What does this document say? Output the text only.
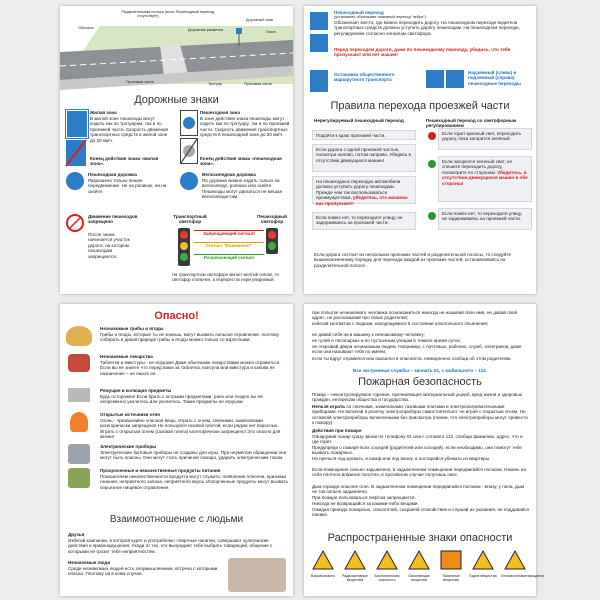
Разделительная полоса (если отсутствует)
Пешеходный переход
Дорожный знак
Обочина	Дорожная разметка	Газон
Проезжая часть	Тротуар	Проезжая часть
Дорожные знаки
Жилая зона
В жилой зоне пешеходы могут ходить как по тротуарам, так и по проезжей части. Скорость движения транспортных средств в жилой зоне до 20 км/ч.
Конец действия знака «жилая зона».
Пешеходная зона
В зоне действия знака пешеходы могут ходить как по тротуару, так и по проезжей части. Скорость движения транспортных средств в пешеходной зоне до 20 км/ч.
Конец действия знака «пешеходная зона».
Пешеходная дорожка
Разрешено только пешее передвижение. Не на роликах, ни на скейте.
Велосипедная дорожка
По дорожке можно ездить только на велосипеде, роликах или скейте. Пешеходы могут двигаться не мешая велосипедистам.
Движение пешеходов запрещено
После знака начинается участок дороги, на котором пешеходам запрещается.
Транспортный светофор
Пешеходный светофор
Запрещающий сигнал!
Сигнал "Внимание!"
Разрешающий сигнал
На транспортном светофоре мигает желтый сигнал, то светофор отключен, а перекресток нерегулируемый.
Пешеходный переход
(установлен обозначает наземный переход "зебра")
Обозначает место, где можно переходить дорогу. На пешеходном переходе водители транспортных средств должны уступить дорогу пешеходам. На пешеходном переходе, регулируемом согласно сигналам светофора.
Перед переходом дороги, даже по пешеходному переходу, убедись, что тебя пропускают или нет машин!
Остановка общественного маршрутного транспорта
Надземный (слева) и подземный (справа) пешеходные переходы
Правила перехода проезжей части
Нерегулируемый пешеходный переход	Пешеходный переход со светофорным регулированием
Подойти к краю проезжей части.
Если дорога с одной проезжей частью, посмотри налево, потом направо. Убедись в отсутствии движущихся машин!
На пешеходных переходах автомобили должны уступить дорогу пешеходам. Прежде чем так воспользоваться преимуществом, убедитесь, что машины вас пропускают!
Если помех нет, то переходите улицу, не задерживаясь на проезжей части.
Если горит красный свет, переходить дорогу, пока загорится зелёный.
Если загорелся зеленый свет, не спешите переходить дорогу, посмотрите по сторонам. Убедитесь, в отсутствии движущихся машин в обе стороны!
Если помех нет, то переходите улицу, не задерживаясь на проезжей части.
Если дорога состоит из нескольких проезжих частей и разделительной полосы, то следуйте вышеизначенному порядку для перехода каждой из проезжих частей, останавливаясь на разделительной полосе.
Опасно!
Незнакомые грибы и ягоды
Грибы и ягоды, которые ты не знаешь, могут вызвать сильное отравление, поэтому собирать в дикой природе грибы и ягоды можно только со взрослыми.
Незнакомые лекарства
Таблетки и микстуры - не игрушки! Даже обычными лекарствами можно отравиться. Если вы не знаете что перед вами за таблетка, капсула или микстура и какова ее назначение – не ешьте ее.
Режущие и колющие предметы
Будь осторожен! Если брать с острыми предметами, рано или поздно вы ей непременно уколетесь или уколитесь. Такие предметы не игрушки.
Открытые источники огня
Огонь - чрезвычайно опасная вещь. Играть с огнем, спичками, зажигалками категорически запрещено! Не пользуйся газовой плитой, если рядом нет взрослых. Играть с открытым огнем (газовая плита) категорически запрещено! Это опасно для жизни!
Электрические приборы
Электрические бытовые приборы не созданы для игры. При неумелом обращении они могут быть опасны. Они могут стать причиной пожара, ударить электрическим током.
Просроченные и некачественные продукты питания
Показателем некачественности продукта могут служить: появление плесени, признаки гниения, неприятного запаха, неприятного вкуса. Испорченные продукты могут вызвать серьезное пищевое отравление.
Взаимоотношение с людьми
Друзья
Избегай компании, в которой курят и употребляют спиртные напитки, совершают хулиганские действия и правонарушения. Уходи от тех, кто вынуждает тебя выбрать товарищей, общение с которыми не грозит тебе неприятностям.
Незнакомые люди
Среди незнакомых людей есть злоумышленники, встреча с которыми опасна. Поэтому ни в коем случае:
при попытке незнакомого человека познакомиться никогда не называй свое имя, не давай свой адрес, не рассказывай про своих родителей;
избегай контактов с людьми, находящимися в состоянии алкогольного опьянения;
не давай себя ни в машину к незнакомому человеку;
не гуляй в лесопарках и по пустынным улицам в темное время суток;
не открывай двери незнакомым людям. Например, с почтовых, рабочих, служб, электриков, даже если они называют тебя по имени;
если ты вдруг отравился или оказался в опасности, немедленно сообщи об этом родителям.
Все экстренные службы – звонить 01, с мобильного – 112.
Пожарная безопасность
Пожар – неконтролируемое горение, причиняющее материальный ущерб, вред жизни и здоровью граждан, интересам общества и государства.
Нельзя играть со спичками, зажигалками, газовыми плитами и электронагревательными приборами. Не включай в розетку электроприборы самостоятельно: не играй с открытым огнем. Не оставляй электроприборы включенными без присмотра (помни, что электроприборы могут привести к пожару).
Действия при пожаре
Обнаружив пожар сразу звони по телефону 01 или с сотового 112, сообщи фамилию, адрес, что и где горит.
Предупреди о пожаре всех соседей (родителей или соседей), если необходимо, они помогут тебе вызвать пожарных.
Не прячься под кровать, в шкаф или под ванну, а постарайся убежать из квартиры.
Если помещение сильно задымлено, в задымленном помещении передвигайся ползком. Накинь на себя плотное влажное полотно, в противном случае получишь ожог.
Дым гораздо опаснее огня. В задымленном помещении передвигайся ползком - внизу, у пола, дым не так сильно задымлено.
При пожаре пользоваться лифтом запрещается.
Никогда не возвращайся за какими-либо вещами.
Ожидая приезда пожарных, спасателей, сохраняй спокойствие и слушай их указания, не поддавайся панике.
Распространенные знаки опасности
Взрывоопасно	Радиоактивные вещества
Биологическая опасность
Окисляющие вещества
Токсичные вещества
Едкие вещества Легковоспламеняющиеся
